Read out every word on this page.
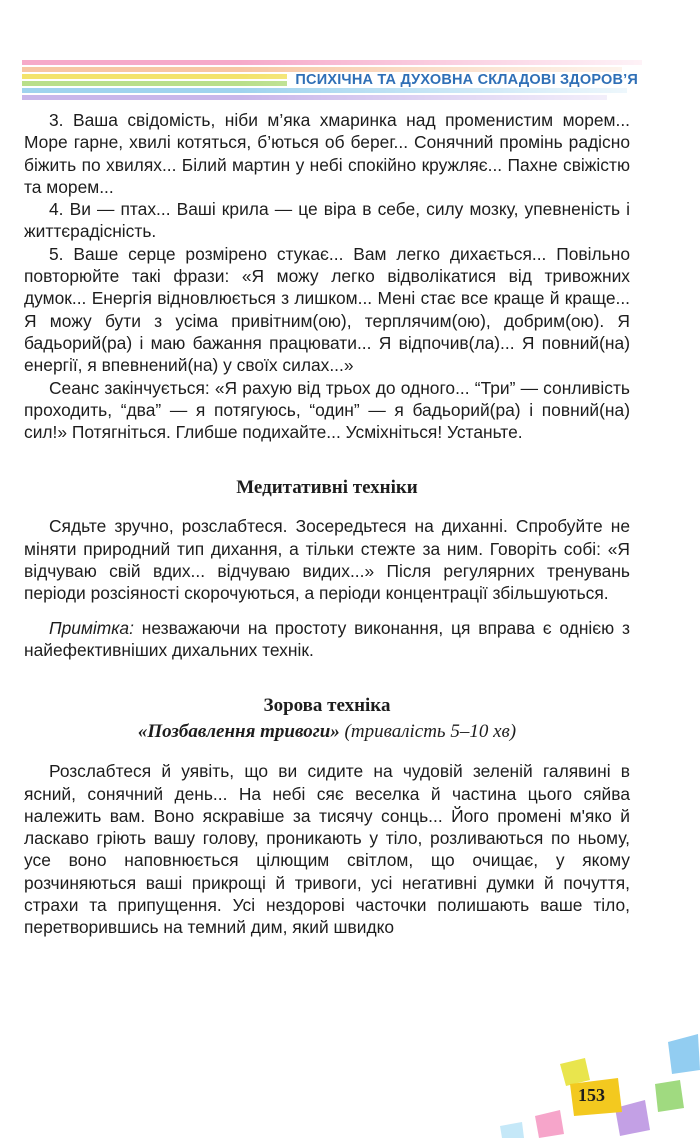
ПСИХІЧНА ТА ДУХОВНА СКЛАДОВІ ЗДОРОВ’Я

3. Ваша свідомість, ніби м’яка хмаринка над променистим морем... Море гарне, хвилі котяться, б’ються об берег... Сонячний промінь радісно біжить по хвилях... Білий мартин у небі спокійно кружляє... Пахне свіжістю та морем...

4. Ви — птах... Ваші крила — це віра в себе, силу мозку, упевненість і життєрадісність.

5. Ваше серце розмірено стукає... Вам легко дихається... Повільно повторюйте такі фрази: «Я можу легко відволікатися від тривожних думок... Енергія відновлюється з лишком... Мені стає все краще й краще... Я можу бути з усіма привітним(ою), терплячим(ою), добрим(ою). Я бадьорий(ра) і маю бажання працювати... Я відпочив(ла)... Я повний(на) енергії, я впевнений(на) у своїх силах...»

Сеанс закінчується: «Я рахую від трьох до одного... “Три” — сонливість проходить, “два” — я потягуюсь, “один” — я бадьорий(ра) і повний(на) сил!» Потягніться. Глибше подихайте... Усміхніться! Устаньте.

Медитативні техніки

Сядьте зручно, розслабтеся. Зосередьтеся на диханні. Спробуйте не міняти природний тип дихання, а тільки стежте за ним. Говоріть собі: «Я відчуваю свій вдих... відчуваю видих...» Після регулярних тренувань періоди розсіяності скорочуються, а періоди концентрації збільшуються.

Примітка: незважаючи на простоту виконання, ця вправа є однією з найефективніших дихальних технік.

Зорова техніка
«Позбавлення тривоги» (тривалість 5–10 хв)

Розслабтеся й уявіть, що ви сидите на чудовій зеленій галявині в ясний, сонячний день... На небі сяє веселка й частина цього сяйва належить вам. Воно яскравіше за тисячу сонць... Його промені м'яко й ласкаво гріють вашу голову, проникають у тіло, розливаються по ньому, усе воно наповнюється цілющим світлом, що очищає, у якому розчиняються ваші прикрощі й тривоги, усі негативні думки й почуття, страхи та припущення. Усі нездорові часточки полишають ваше тіло, перетворившись на темний дим, який швидко

153
